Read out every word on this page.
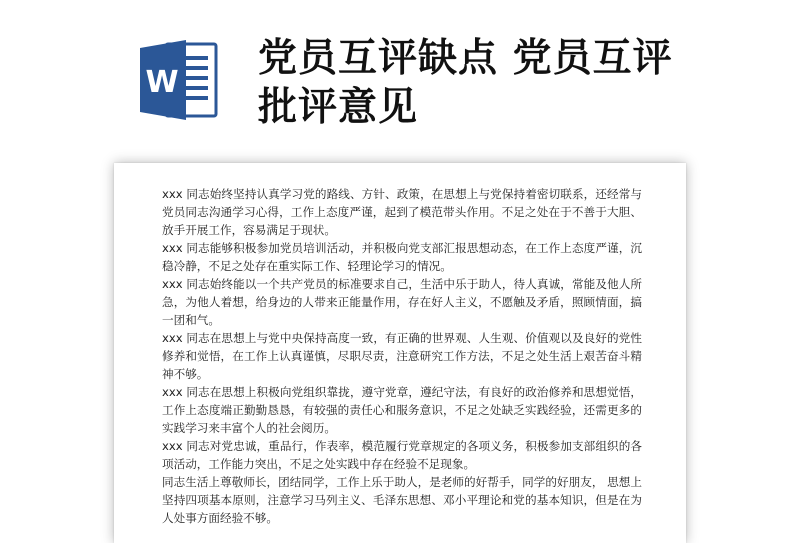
W
党员互评缺点 党员互评批评意见

xxx 同志始终坚持认真学习党的路线、方针、政策，在思想上与党保持着密切联系，还经常与党员同志沟通学习心得，工作上态度严谨，起到了模范带头作用。不足之处在于不善于大胆、放手开展工作，容易满足于现状。

xxx 同志能够积极参加党员培训活动，并积极向党支部汇报思想动态，在工作上态度严谨，沉稳冷静，不足之处存在重实际工作、轻理论学习的情况。

xxx 同志始终能以一个共产党员的标准要求自己，生活中乐于助人，待人真诚，常能及他人所急，为他人着想，给身边的人带来正能量作用，存在好人主义，不愿触及矛盾，照顾情面，搞一团和气。

xxx 同志在思想上与党中央保持高度一致，有正确的世界观、人生观、价值观以及良好的党性修养和觉悟，在工作上认真谨慎，尽职尽责，注意研究工作方法，不足之处生活上艰苦奋斗精神不够。

xxx 同志在思想上积极向党组织靠拢，遵守党章，遵纪守法，有良好的政治修养和思想觉悟，工作上态度端正勤勤恳恳，有较强的责任心和服务意识，不足之处缺乏实践经验，还需更多的实践学习来丰富个人的社会阅历。

xxx 同志对党忠诚，重品行，作表率，模范履行党章规定的各项义务，积极参加支部组织的各项活动，工作能力突出，不足之处实践中存在经验不足现象。

同志生活上尊敬师长，团结同学，工作上乐于助人，是老师的好帮手，同学的好朋友， 思想上坚持四项基本原则，注意学习马列主义、毛泽东思想、邓小平理论和党的基本知识，但是在为人处事方面经验不够。
